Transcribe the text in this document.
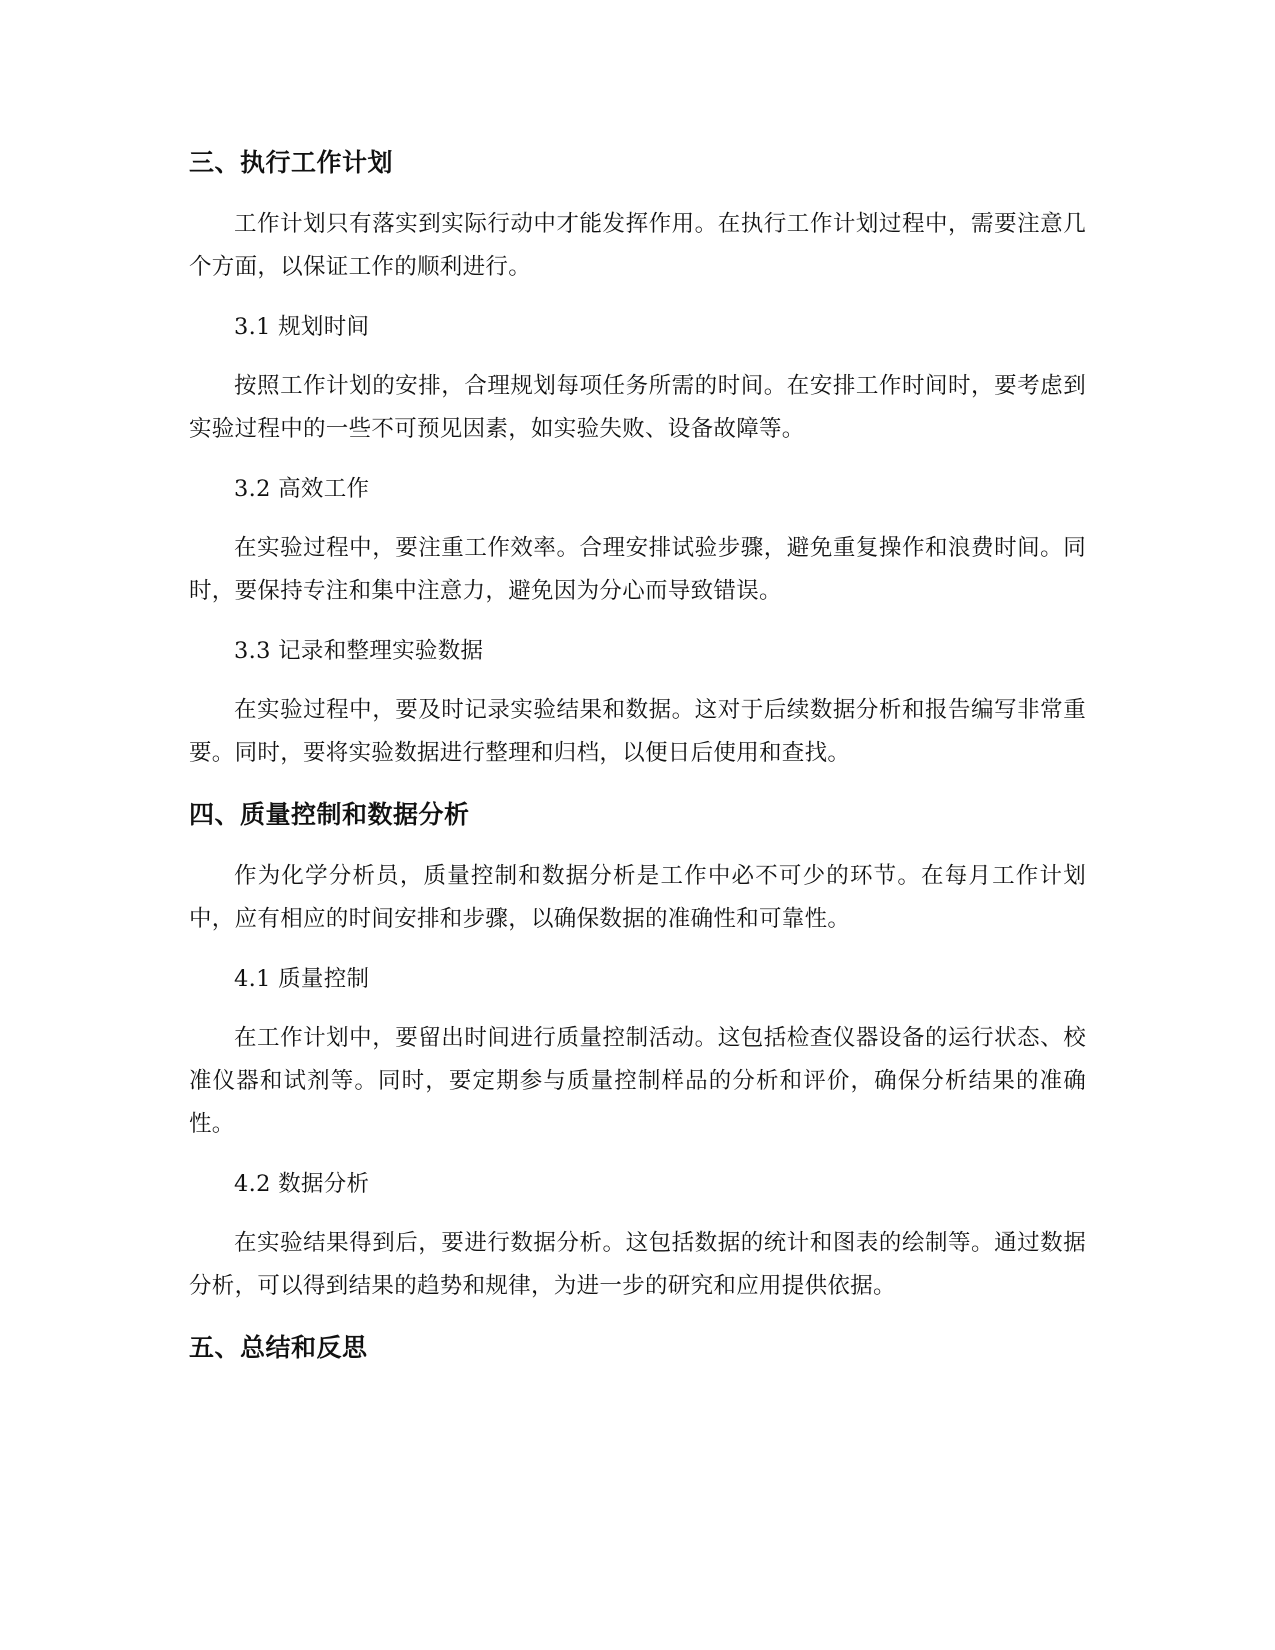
三、执行工作计划

工作计划只有落实到实际行动中才能发挥作用。在执行工作计划过程中，需要注意几个方面，以保证工作的顺利进行。

3.1 规划时间

按照工作计划的安排，合理规划每项任务所需的时间。在安排工作时间时，要考虑到实验过程中的一些不可预见因素，如实验失败、设备故障等。

3.2 高效工作

在实验过程中，要注重工作效率。合理安排试验步骤，避免重复操作和浪费时间。同时，要保持专注和集中注意力，避免因为分心而导致错误。

3.3 记录和整理实验数据

在实验过程中，要及时记录实验结果和数据。这对于后续数据分析和报告编写非常重要。同时，要将实验数据进行整理和归档，以便日后使用和查找。

四、质量控制和数据分析

作为化学分析员，质量控制和数据分析是工作中必不可少的环节。在每月工作计划中，应有相应的时间安排和步骤，以确保数据的准确性和可靠性。

4.1 质量控制

在工作计划中，要留出时间进行质量控制活动。这包括检查仪器设备的运行状态、校准仪器和试剂等。同时，要定期参与质量控制样品的分析和评价，确保分析结果的准确性。

4.2 数据分析

在实验结果得到后，要进行数据分析。这包括数据的统计和图表的绘制等。通过数据分析，可以得到结果的趋势和规律，为进一步的研究和应用提供依据。

五、总结和反思
